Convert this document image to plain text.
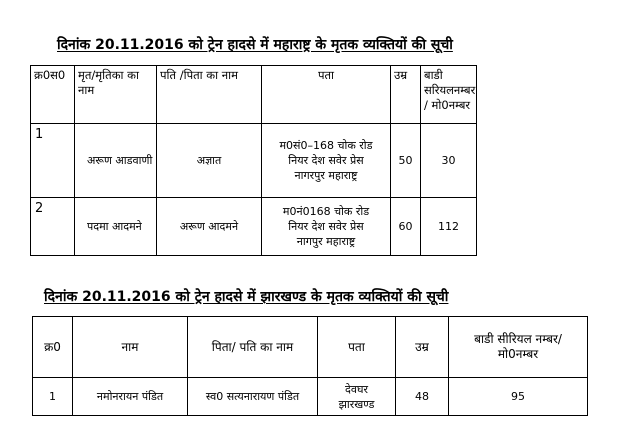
दिनांक 20.11.2016 को ट्रेन हादसे में महाराष्ट्र के मृतक व्यक्तियों की सूची
क्र0स0	मृत/मृतिका का नाम	पति /पिता का नाम	पता	उम्र	बाडी सरियलनम्बर / मो0नम्बर
1	अरूण आडवाणी	अज्ञात	म0सं0–168 चोक रोड
नियर देश सवेर प्रेस
नागरपुर महाराष्ट्र	50	30
2	पदमा आदमने	अरूण आदमने	म0नं0168 चोक रोड
नियर देश सवेर प्रेस
नागपुर महाराष्ट्र	60	112
दिनांक 20.11.2016 को ट्रेन हादसे में झारखण्ड के मृतक व्यक्तियों की सूची
क्र0	नाम	पिता/ पति का नाम	पता	उम्र	बाडी सीरियल नम्बर/मो0नम्बर
1	नमोनरायन पंडित	स्व0 सत्यनारायण पंडित	देवघर
झारखण्ड	48	95
